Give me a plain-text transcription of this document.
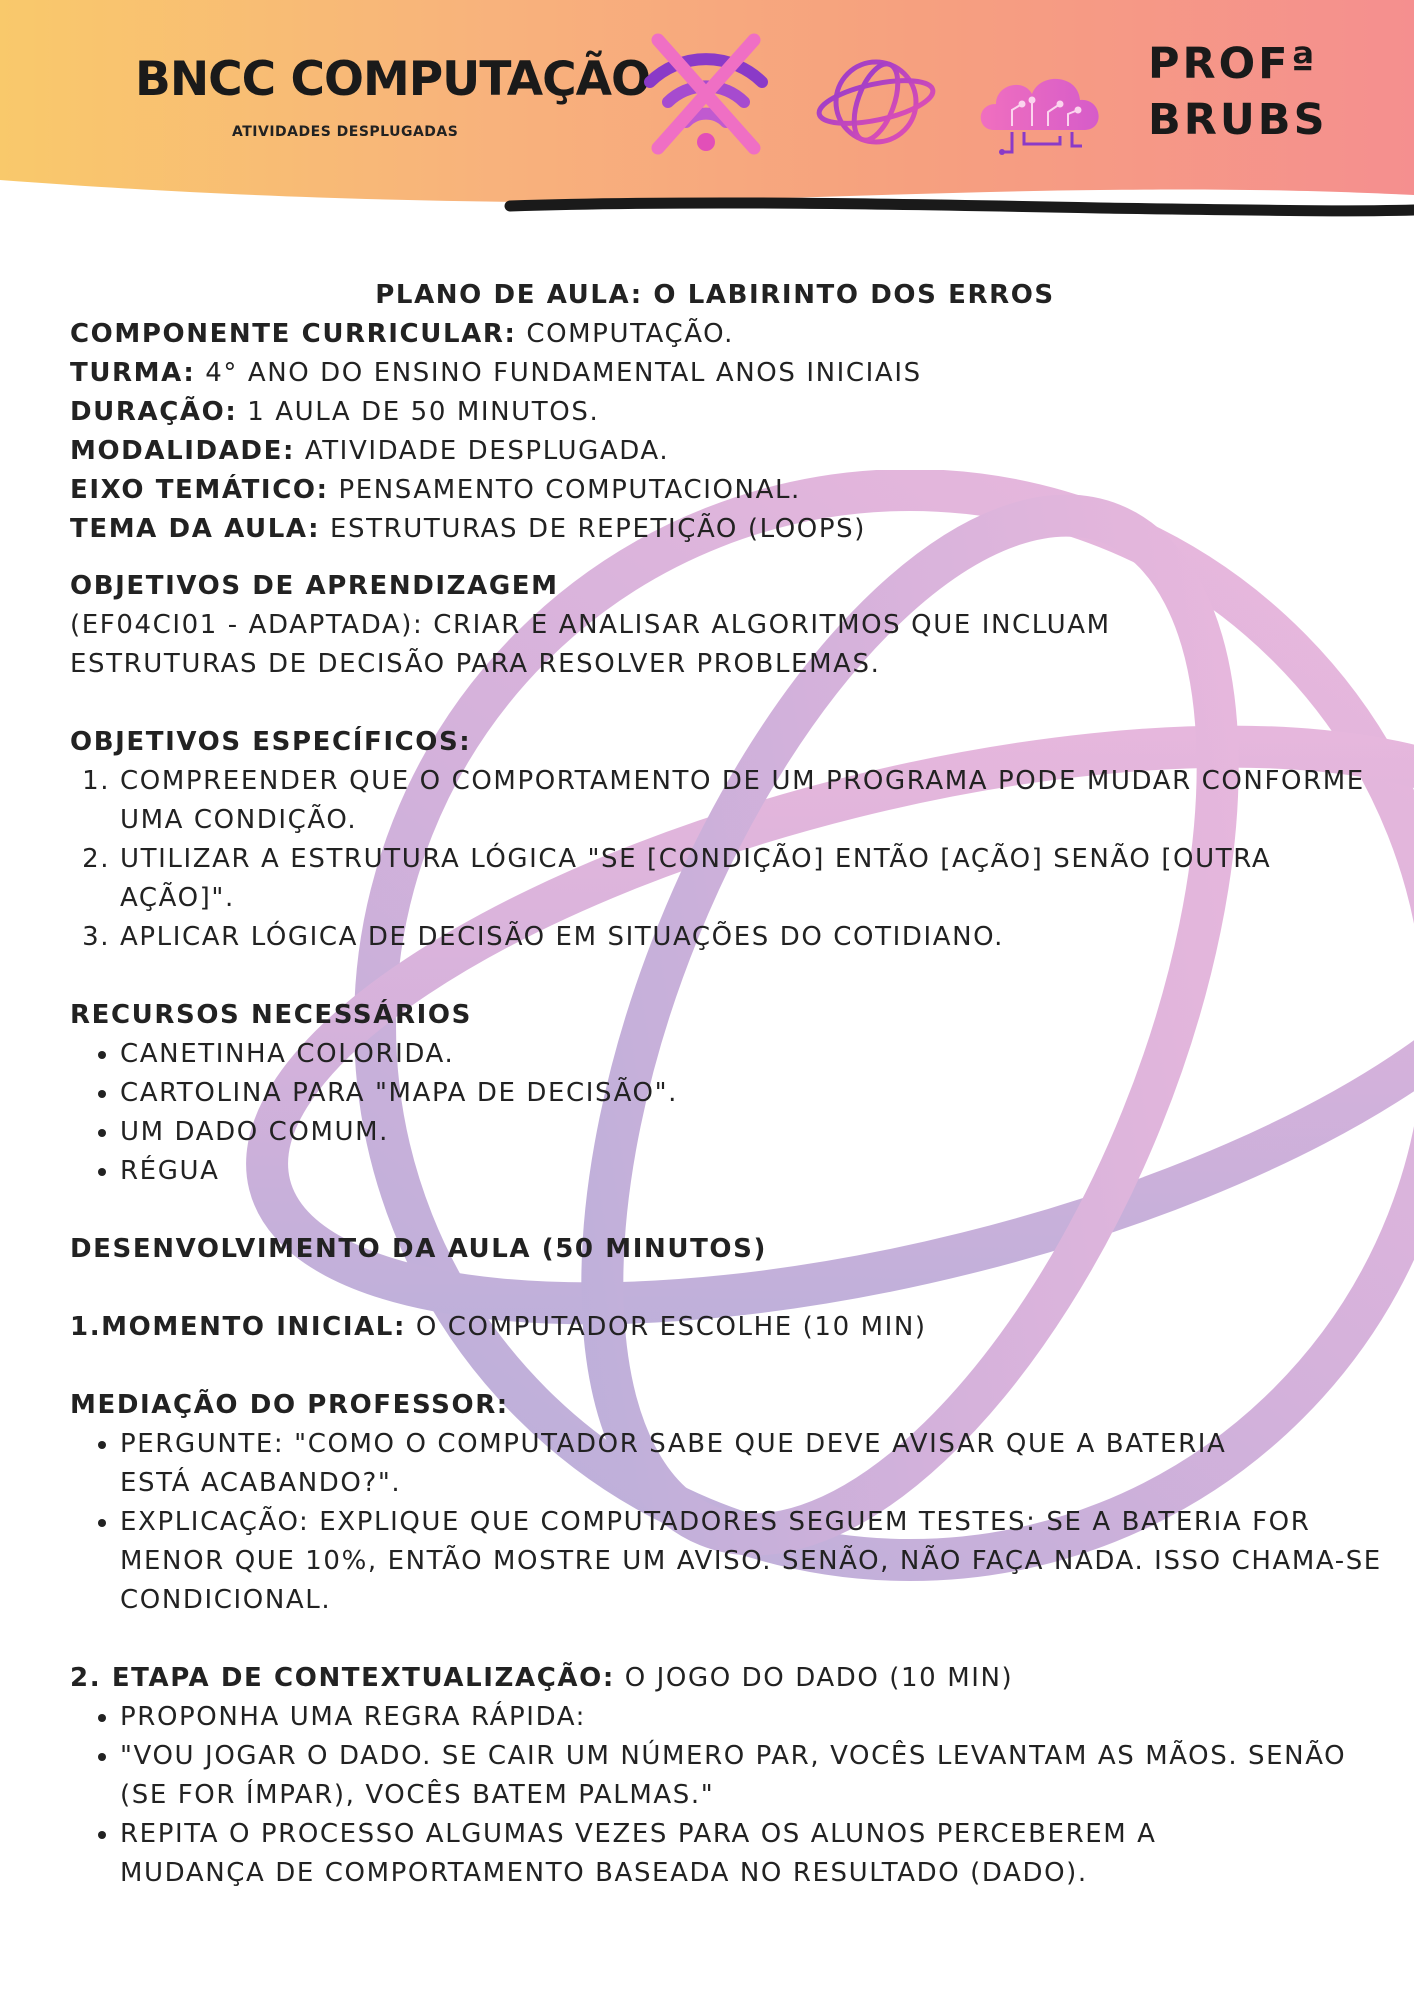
BNCC COMPUTAÇÃO
ATIVIDADES DESPLUGADAS
PROFª
BRUBS

PLANO DE AULA: O LABIRINTO DOS ERROS

COMPONENTE CURRICULAR: COMPUTAÇÃO.

TURMA: 4° ANO DO ENSINO FUNDAMENTAL ANOS INICIAIS

DURAÇÃO: 1 AULA DE 50 MINUTOS.

MODALIDADE: ATIVIDADE DESPLUGADA.

EIXO TEMÁTICO: PENSAMENTO COMPUTACIONAL.

TEMA DA AULA: ESTRUTURAS DE REPETIÇÃO (LOOPS)

OBJETIVOS DE APRENDIZAGEM

(EF04CI01 - ADAPTADA): CRIAR E ANALISAR ALGORITMOS QUE INCLUAM ESTRUTURAS DE DECISÃO PARA RESOLVER PROBLEMAS.

OBJETIVOS ESPECÍFICOS:

1. COMPREENDER QUE O COMPORTAMENTO DE UM PROGRAMA PODE MUDAR CONFORME UMA CONDIÇÃO.
2. UTILIZAR A ESTRUTURA LÓGICA "SE [CONDIÇÃO] ENTÃO [AÇÃO] SENÃO [OUTRA AÇÃO]".
3. APLICAR LÓGICA DE DECISÃO EM SITUAÇÕES DO COTIDIANO.

RECURSOS NECESSÁRIOS

• CANETINHA COLORIDA.
• CARTOLINA PARA "MAPA DE DECISÃO".
• UM DADO COMUM.
• RÉGUA

DESENVOLVIMENTO DA AULA (50 MINUTOS)

1.MOMENTO INICIAL: O COMPUTADOR ESCOLHE (10 MIN)

MEDIAÇÃO DO PROFESSOR:

• PERGUNTE: "COMO O COMPUTADOR SABE QUE DEVE AVISAR QUE A BATERIA ESTÁ ACABANDO?".
• EXPLICAÇÃO: EXPLIQUE QUE COMPUTADORES SEGUEM TESTES: SE A BATERIA FOR MENOR QUE 10%, ENTÃO MOSTRE UM AVISO. SENÃO, NÃO FAÇA NADA. ISSO CHAMA-SE CONDICIONAL.

2. ETAPA DE CONTEXTUALIZAÇÃO: O JOGO DO DADO (10 MIN)

• PROPONHA UMA REGRA RÁPIDA:
• "VOU JOGAR O DADO. SE CAIR UM NÚMERO PAR, VOCÊS LEVANTAM AS MÃOS. SENÃO (SE FOR ÍMPAR), VOCÊS BATEM PALMAS."
• REPITA O PROCESSO ALGUMAS VEZES PARA OS ALUNOS PERCEBEREM A MUDANÇA DE COMPORTAMENTO BASEADA NO RESULTADO (DADO).
